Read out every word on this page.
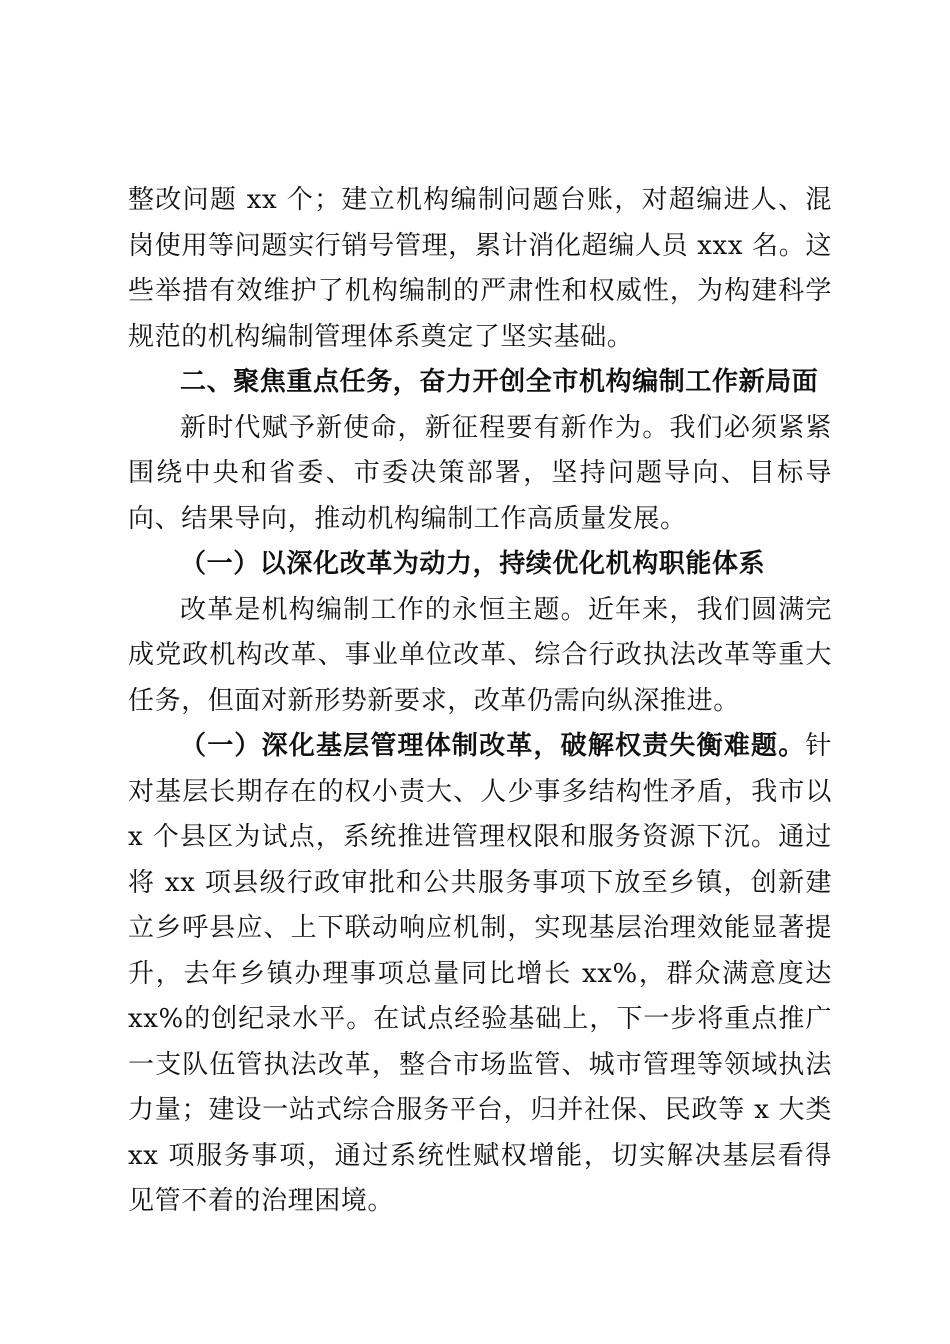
整改问题 xx 个；建立机构编制问题台账，对超编进人、混岗使用等问题实行销号管理，累计消化超编人员 xxx 名。这些举措有效维护了机构编制的严肃性和权威性，为构建科学规范的机构编制管理体系奠定了坚实基础。

二、聚焦重点任务，奋力开创全市机构编制工作新局面

新时代赋予新使命，新征程要有新作为。我们必须紧紧围绕中央和省委、市委决策部署，坚持问题导向、目标导向、结果导向，推动机构编制工作高质量发展。

（一）以深化改革为动力，持续优化机构职能体系

改革是机构编制工作的永恒主题。近年来，我们圆满完成党政机构改革、事业单位改革、综合行政执法改革等重大任务，但面对新形势新要求，改革仍需向纵深推进。

（一）深化基层管理体制改革，破解权责失衡难题。针对基层长期存在的权小责大、人少事多结构性矛盾，我市以 x 个县区为试点，系统推进管理权限和服务资源下沉。通过将 xx 项县级行政审批和公共服务事项下放至乡镇，创新建立乡呼县应、上下联动响应机制，实现基层治理效能显著提升，去年乡镇办理事项总量同比增长 xx%，群众满意度达 xx%的创纪录水平。在试点经验基础上，下一步将重点推广一支队伍管执法改革，整合市场监管、城市管理等领域执法力量；建设一站式综合服务平台，归并社保、民政等 x 大类 xx 项服务事项，通过系统性赋权增能，切实解决基层看得见管不着的治理困境。
